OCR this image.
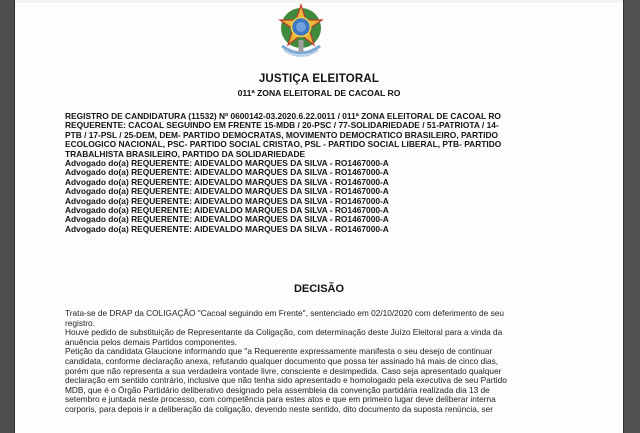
JUSTIÇA ELEITORAL
011ª ZONA ELEITORAL DE CACOAL RO
REGISTRO DE CANDIDATURA (11532) Nº 0600142-03.2020.6.22.0011 / 011ª ZONA ELEITORAL DE CACOAL RO
REQUERENTE: CACOAL SEGUINDO EM FRENTE 15-MDB / 20-PSC / 77-SOLIDARIEDADE / 51-PATRIOTA / 14-
PTB / 17-PSL / 25-DEM, DEM- PARTIDO DEMOCRATAS, MOVIMENTO DEMOCRATICO BRASILEIRO, PARTIDO
ECOLOGICO NACIONAL, PSC- PARTIDO SOCIAL CRISTAO, PSL - PARTIDO SOCIAL LIBERAL, PTB- PARTIDO
TRABALHISTA BRASILEIRO, PARTIDO DA SOLIDARIEDADE
Advogado do(a) REQUERENTE: AIDEVALDO MARQUES DA SILVA - RO1467000-A
Advogado do(a) REQUERENTE: AIDEVALDO MARQUES DA SILVA - RO1467000-A
Advogado do(a) REQUERENTE: AIDEVALDO MARQUES DA SILVA - RO1467000-A
Advogado do(a) REQUERENTE: AIDEVALDO MARQUES DA SILVA - RO1467000-A
Advogado do(a) REQUERENTE: AIDEVALDO MARQUES DA SILVA - RO1467000-A
Advogado do(a) REQUERENTE: AIDEVALDO MARQUES DA SILVA - RO1467000-A
Advogado do(a) REQUERENTE: AIDEVALDO MARQUES DA SILVA - RO1467000-A
Advogado do(a) REQUERENTE: AIDEVALDO MARQUES DA SILVA - RO1467000-A
DECISÃO
Trata-se de DRAP da COLIGAÇÃO "Cacoal seguindo em Frente", sentenciado em 02/10/2020 com deferimento de seu
registro.
Houve pedido de substituição de Representante da Coligação, com determinação deste Juízo Eleitoral para a vinda da
anuência pelos demais Partidos componentes.
Petição da candidata Glaucione informando que "a Requerente expressamente manifesta o seu desejo de continuar
candidata, conforme declaração anexa, refutando qualquer documento que possa ter assinado há mais de cinco dias,
porém que não representa a sua verdadeira vontade livre, consciente e desimpedida. Caso seja apresentado qualquer
declaração em sentido contrário, inclusive que não tenha sido apresentado e homologado pela executiva de seu Partido
MDB, que é o Órgão Partidário deliberativo designado pela assembleia da convenção partidária realizada dia 13 de
setembro e juntada neste processo, com competência para estes atos e que em primeiro lugar deve deliberar interna
corporis, para depois ir a deliberação da coligação, devendo neste sentido, dito documento da suposta renúncia, ser
